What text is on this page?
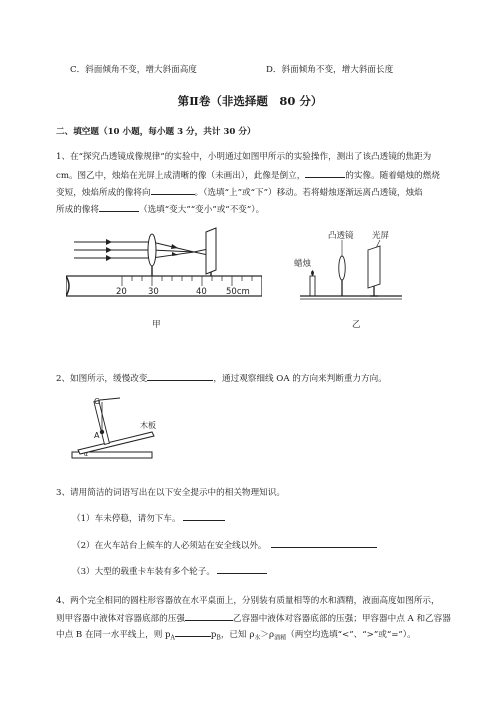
C．斜面倾角不变，增大斜面高度	D．斜面倾角不变，增大斜面长度
第Ⅱ卷（非选择题　80 分）
二、填空题（10 小题，每小题 3 分，共计 30 分）
1、在“探究凸透镜成像规律”的实验中，小明通过如图甲所示的实验操作，测出了该凸透镜的焦距为
cm。图乙中，烛焰在光屏上成清晰的像（未画出），此像是倒立，	的实像。随着蜡烛的燃烧
变短，烛焰所成的像将向	。（选填“上”或“下”）移动。若将蜡烛逐渐远离凸透镜，烛焰
所成的像将	（选填“变大”“变小”或“不变”）。
20 30	40 50cm
甲
凸透镜 光屏
蜡烛
乙
2、如图所示，缓慢改变	，通过观察细线 OA 的方向来判断重力方向。
O
A
木板
α
3、请用简洁的词语写出在以下安全提示中的相关物理知识。
（1）车未停稳，请勿下车。
（2）在火车站台上候车的人必须站在安全线以外。
（3）大型的载重卡车装有多个轮子。
4、两个完全相同的圆柱形容器放在水平桌面上，分别装有质量相等的水和酒精，液面高度如图所示，
则甲容器中液体对容器底部的压强	乙容器中液体对容器底部的压强；甲容器中点 A 和乙容器
中点 B 在同一水平线上，则 $p_A$	$p_B$，已知 $\rho_水>\rho_{酒精}$（两空均选填“<”、“>”或“=”）。
